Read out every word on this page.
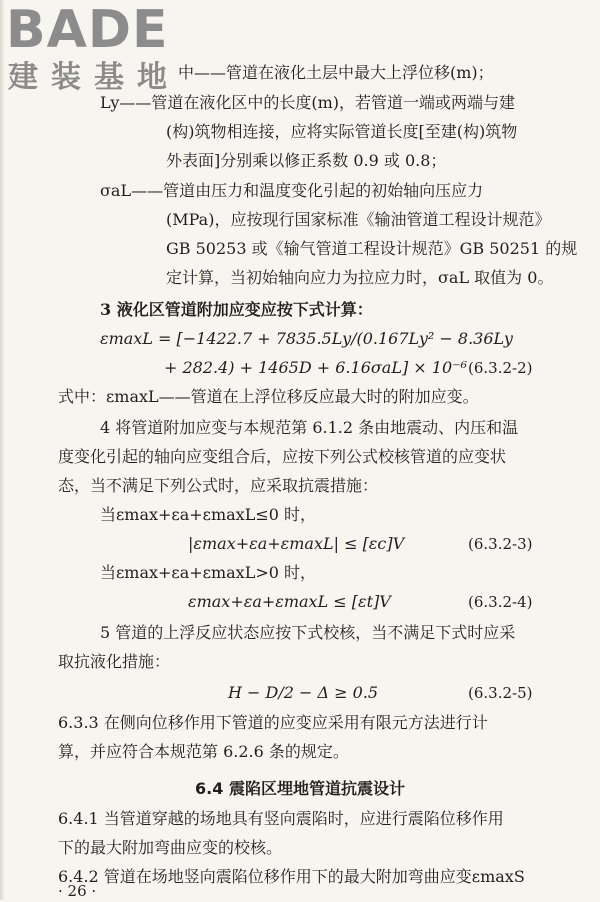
BADE
建装基地

中——管道在液化土层中最大上浮位移(m)；

Ly——管道在液化区中的长度(m)，若管道一端或两端与建

(构)筑物相连接，应将实际管道长度[至建(构)筑物

外表面]分别乘以修正系数 0.9 或 0.8；

σaL——管道由压力和温度变化引起的初始轴向压应力

(MPa)，应按现行国家标准《输油管道工程设计规范》

GB 50253 或《输气管道工程设计规范》GB 50251 的规

定计算，当初始轴向应力为拉应力时，σaL 取值为 0。

3 液化区管道附加应变应按下式计算：

εmaxL = [−1422.7 + 7835.5Ly/(0.167Ly² − 8.36Ly

+ 282.4) + 1465D + 6.16σaL] × 10⁻⁶ (6.3.2-2)

式中：εmaxL——管道在上浮位移反应最大时的附加应变。

4 将管道附加应变与本规范第 6.1.2 条由地震动、内压和温

度变化引起的轴向应变组合后，应按下列公式校核管道的应变状

态，当不满足下列公式时，应采取抗震措施：

当εmax+εa+εmaxL≤0 时，

|εmax+εa+εmaxL| ≤ [εc]V	(6.3.2-3)

当εmax+εa+εmaxL>0 时，

εmax+εa+εmaxL ≤ [εt]V	(6.3.2-4)

5 管道的上浮反应状态应按下式校核，当不满足下式时应采

取抗液化措施：

H − D/2 − Δ ≥ 0.5	(6.3.2-5)

6.3.3 在侧向位移作用下管道的应变应采用有限元方法进行计

算，并应符合本规范第 6.2.6 条的规定。

6.4 震陷区埋地管道抗震设计

6.4.1 当管道穿越的场地具有竖向震陷时，应进行震陷位移作用

下的最大附加弯曲应变的校核。

6.4.2 管道在场地竖向震陷位移作用下的最大附加弯曲应变εmaxS

· 26 ·
